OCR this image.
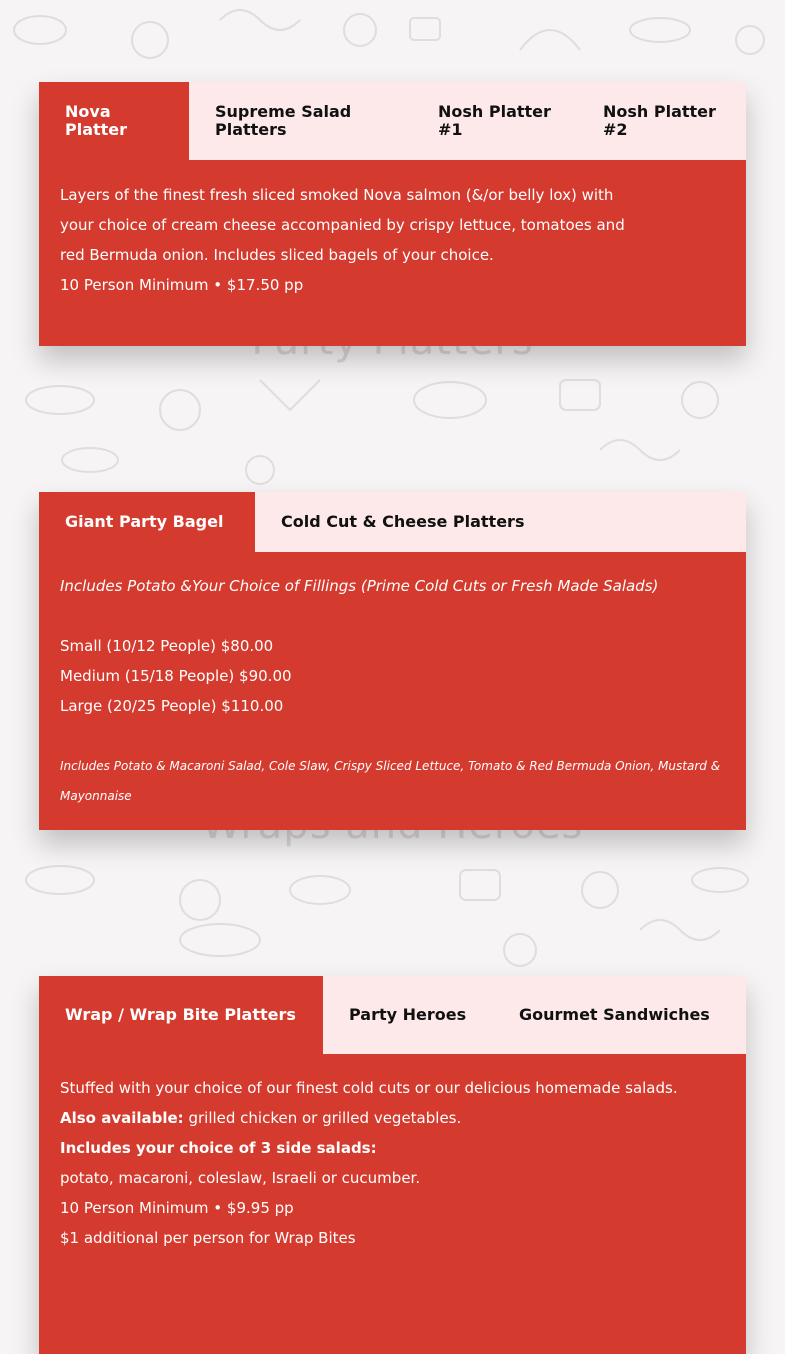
Nova Platter
Supreme Salad Platters
Nosh Platter #1
Nosh Platter #2

Layers of the finest fresh sliced smoked Nova salmon (&/or belly lox) with

your choice of cream cheese accompanied by crispy lettuce, tomatoes and

red Bermuda onion. Includes sliced bagels of your choice.

10 Person Minimum • $17.50 pp

Giant Party Bagel	Cold Cut & Cheese Platters

Includes Potato &Your Choice of Fillings (Prime Cold Cuts or Fresh Made Salads)

Small (10/12 People) $80.00

Medium (15/18 People) $90.00

Large (20/25 People) $110.00

Includes Potato & Macaroni Salad, Cole Slaw, Crispy Sliced Lettuce, Tomato & Red Bermuda Onion, Mustard & Mayonnaise

Wrap / Wrap Bite Platters	Party Heroes	Gourmet Sandwiches

Stuffed with your choice of our finest cold cuts or our delicious homemade salads.

Also available: grilled chicken or grilled vegetables.

Includes your choice of 3 side salads:

potato, macaroni, coleslaw, Israeli or cucumber.

10 Person Minimum • $9.95 pp

$1 additional per person for Wrap Bites
